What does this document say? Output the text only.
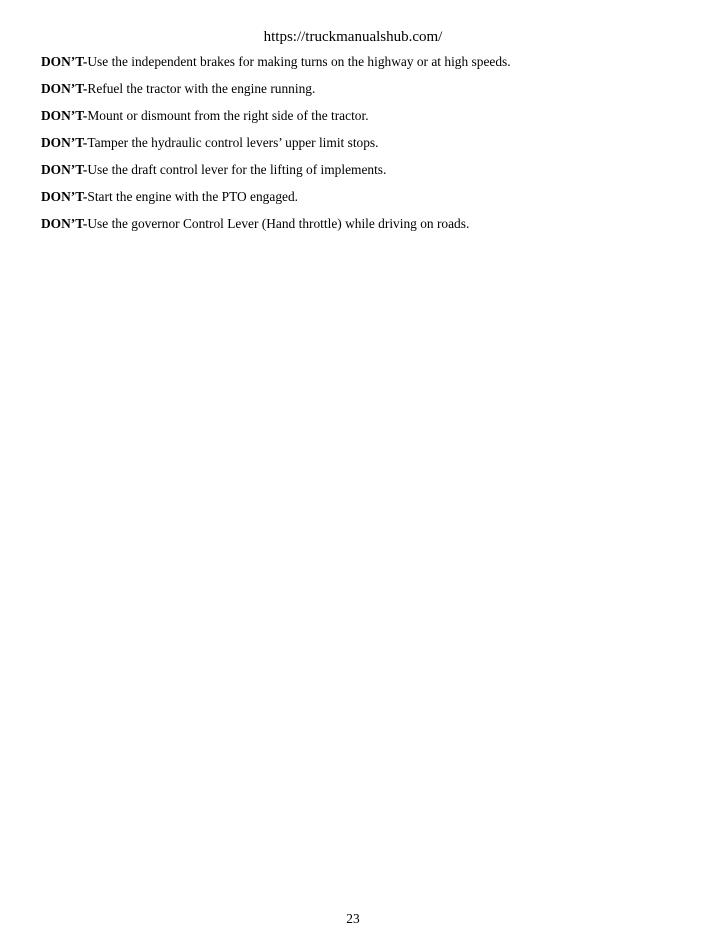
https://truckmanualshub.com/
DON’T-Use the independent brakes for making turns on the highway or at high speeds.
DON’T-Refuel the tractor with the engine running.
DON’T-Mount or dismount from the right side of the tractor.
DON’T-Tamper the hydraulic control levers’ upper limit stops.
DON’T-Use the draft control lever for the lifting of implements.
DON’T-Start the engine with the PTO engaged.
DON’T-Use the governor Control Lever (Hand throttle) while driving on roads.
23
